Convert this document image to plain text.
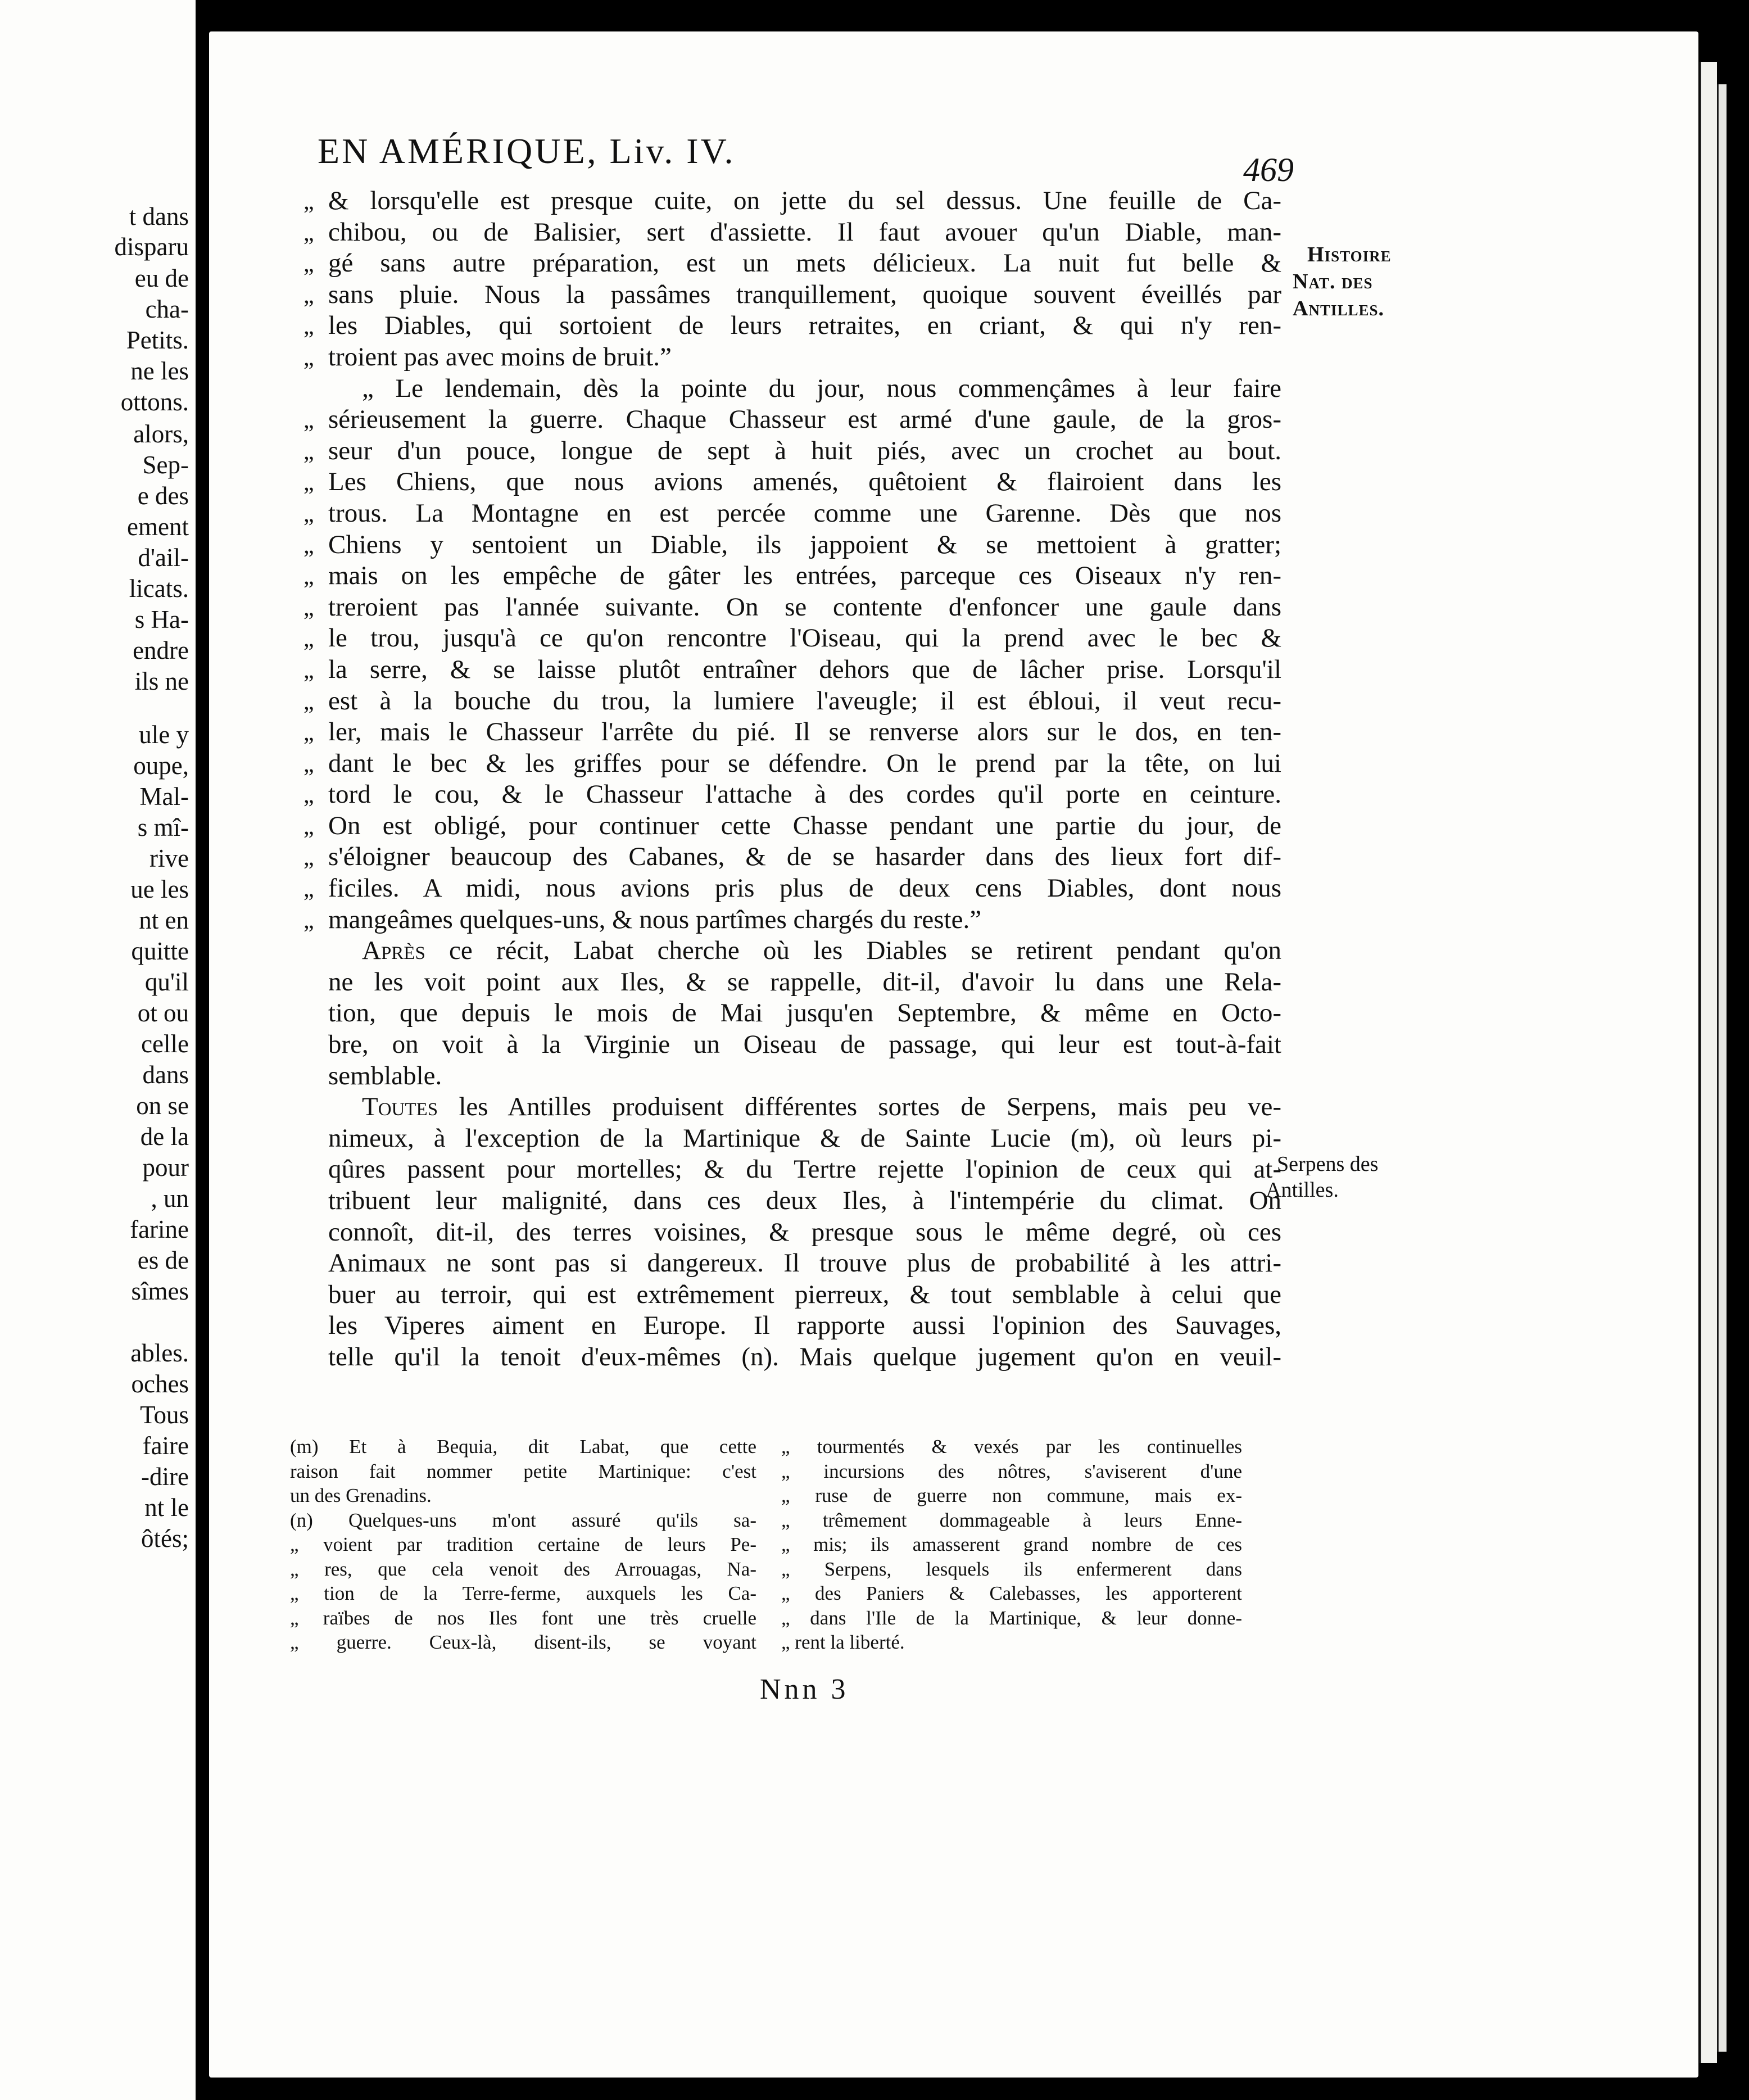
t dans
disparu
eu de
cha-
Petits.
ne les
ottons.
alors,
Sep-
e des
ement
d'ail-
licats.
s Ha-
endre
ils ne
ule y
oupe,
Mal-
s mî-
rive
ue les
nt en
quitte
qu'il
ot ou
celle
dans
on se
de la
pour
, un
farine
es de
sîmes
ables.
oches
Tous
faire
-dire
nt le
ôtés;
EN AMÉRIQUE, Liv. IV.	469
Histoire
Nat. des
Antilles.
Serpens des
Antilles.
„ & lorsqu'elle est presque cuite, on jette du sel dessus. Une feuille de Ca-
„ chibou, ou de Balisier, sert d'assiette. Il faut avouer qu'un Diable, man-
„ gé sans autre préparation, est un mets délicieux. La nuit fut belle &
„ sans pluie. Nous la passâmes tranquillement, quoique souvent éveillés par
„ les Diables, qui sortoient de leurs retraites, en criant, & qui n'y ren-
„ troient pas avec moins de bruit.”
„ Le lendemain, dès la pointe du jour, nous commençâmes à leur faire
„ sérieusement la guerre. Chaque Chasseur est armé d'une gaule, de la gros-
„ seur d'un pouce, longue de sept à huit piés, avec un crochet au bout.
„ Les Chiens, que nous avions amenés, quêtoient & flairoient dans les
„ trous. La Montagne en est percée comme une Garenne. Dès que nos
„ Chiens y sentoient un Diable, ils jappoient & se mettoient à gratter;
„ mais on les empêche de gâter les entrées, parceque ces Oiseaux n'y ren-
„ treroient pas l'année suivante. On se contente d'enfoncer une gaule dans
„ le trou, jusqu'à ce qu'on rencontre l'Oiseau, qui la prend avec le bec &
„ la serre, & se laisse plutôt entraîner dehors que de lâcher prise. Lorsqu'il
„ est à la bouche du trou, la lumiere l'aveugle; il est ébloui, il veut recu-
„ ler, mais le Chasseur l'arrête du pié. Il se renverse alors sur le dos, en ten-
„ dant le bec & les griffes pour se défendre. On le prend par la tête, on lui
„ tord le cou, & le Chasseur l'attache à des cordes qu'il porte en ceinture.
„ On est obligé, pour continuer cette Chasse pendant une partie du jour, de
„ s'éloigner beaucoup des Cabanes, & de se hasarder dans des lieux fort dif-
„ ficiles. A midi, nous avions pris plus de deux cens Diables, dont nous
„ mangeâmes quelques-uns, & nous partîmes chargés du reste.”
Après ce récit, Labat cherche où les Diables se retirent pendant qu'on
ne les voit point aux Iles, & se rappelle, dit-il, d'avoir lu dans une Rela-
tion, que depuis le mois de Mai jusqu'en Septembre, & même en Octo-
bre, on voit à la Virginie un Oiseau de passage, qui leur est tout-à-fait
semblable.
Toutes les Antilles produisent différentes sortes de Serpens, mais peu ve-
nimeux, à l'exception de la Martinique & de Sainte Lucie (m), où leurs pi-
qûres passent pour mortelles; & du Tertre rejette l'opinion de ceux qui at-
tribuent leur malignité, dans ces deux Iles, à l'intempérie du climat. On
connoît, dit-il, des terres voisines, & presque sous le même degré, où ces
Animaux ne sont pas si dangereux. Il trouve plus de probabilité à les attri-
buer au terroir, qui est extrêmement pierreux, & tout semblable à celui que
les Viperes aiment en Europe. Il rapporte aussi l'opinion des Sauvages,
telle qu'il la tenoit d'eux-mêmes (n). Mais quelque jugement qu'on en veuil-
(m) Et à Bequia, dit Labat, que cette
raison fait nommer petite Martinique: c'est
un des Grenadins.
(n) Quelques-uns m'ont assuré qu'ils sa-
„ voient par tradition certaine de leurs Pe-
„ res, que cela venoit des Arrouagas, Na-
„ tion de la Terre-ferme, auxquels les Ca-
„ raïbes de nos Iles font une très cruelle
„ guerre. Ceux-là, disent-ils, se voyant
„ tourmentés & vexés par les continuelles
„ incursions des nôtres, s'aviserent d'une
„ ruse de guerre non commune, mais ex-
„ trêmement dommageable à leurs Enne-
„ mis; ils amasserent grand nombre de ces
„ Serpens, lesquels ils enfermerent dans
„ des Paniers & Calebasses, les apporterent
„ dans l'Ile de la Martinique, & leur donne-
„ rent la liberté.
Nnn 3
